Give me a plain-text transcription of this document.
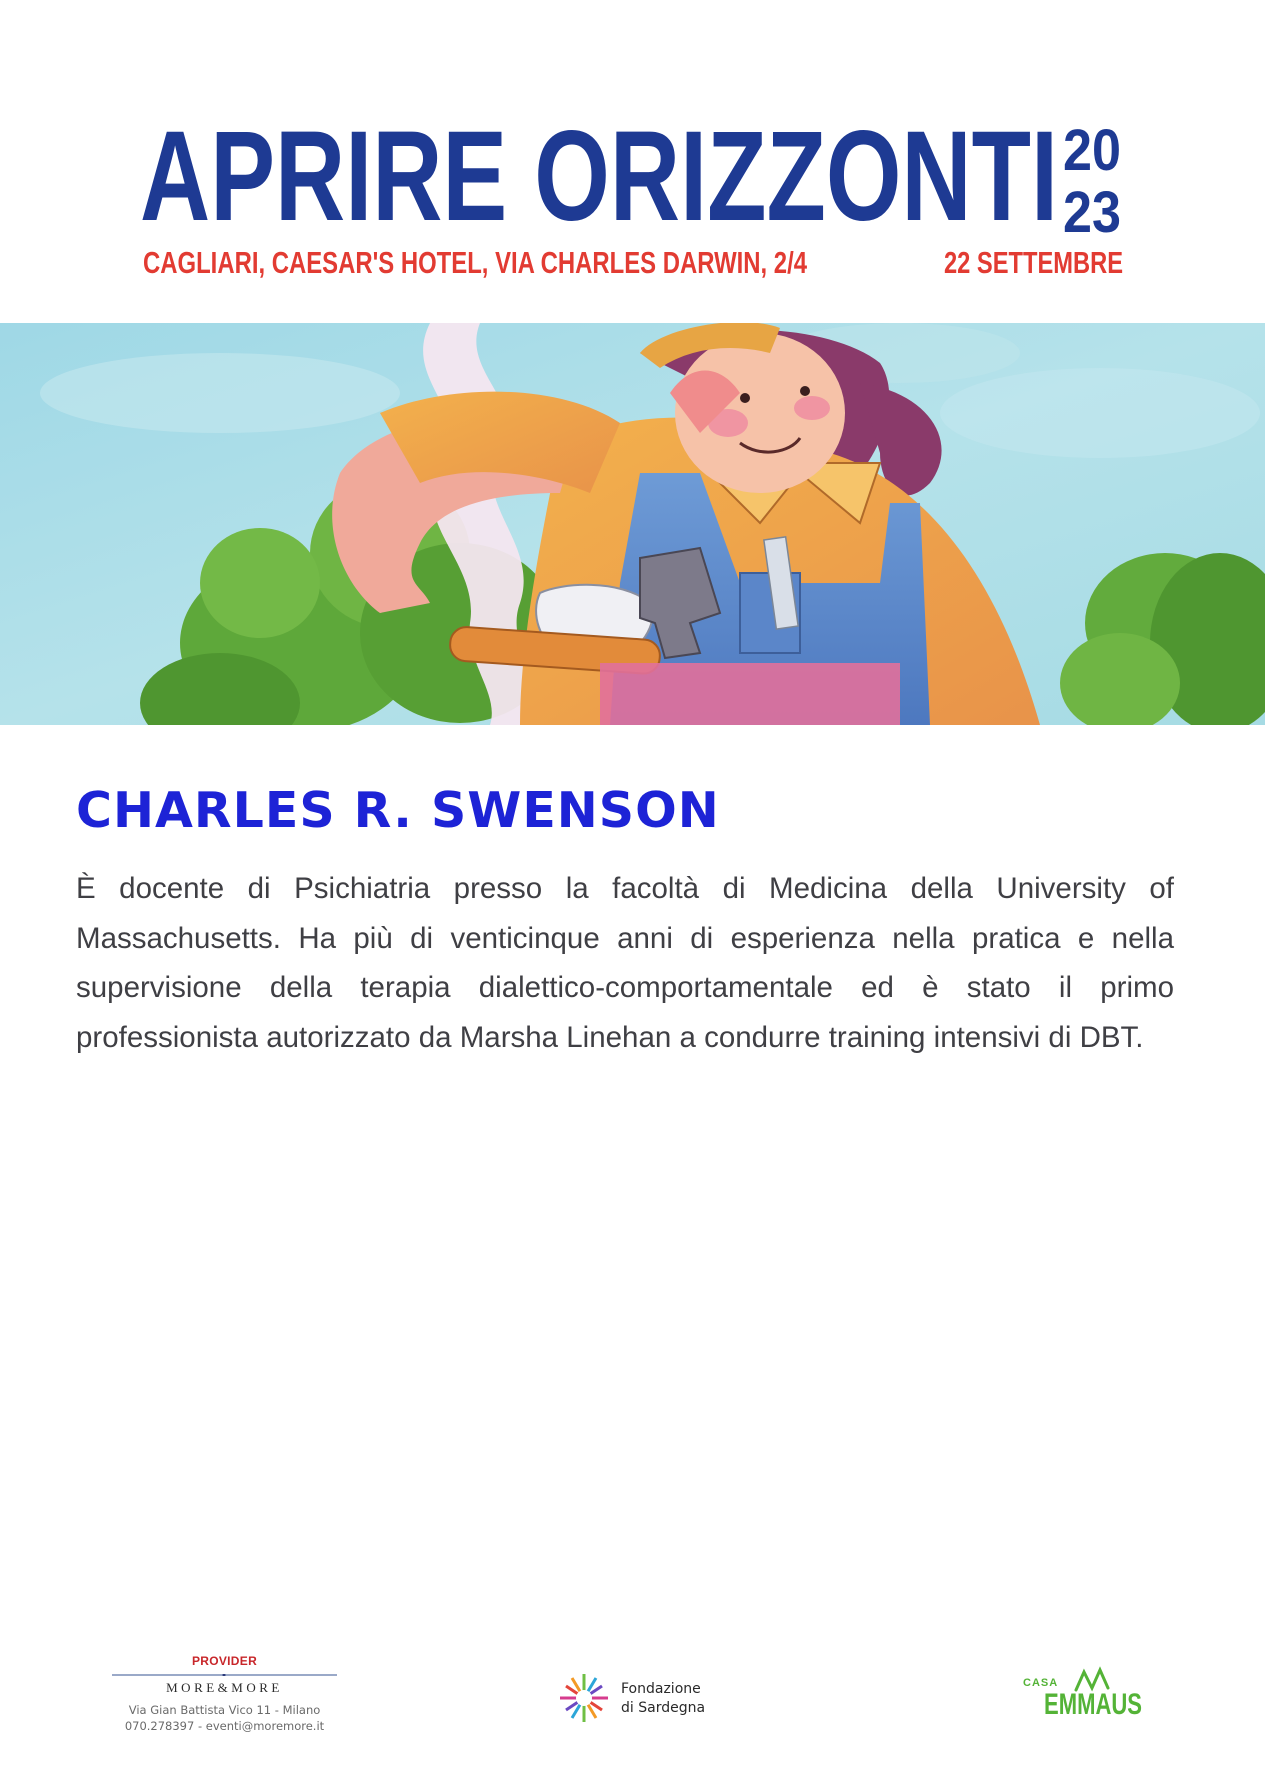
APRIRE ORIZZONTI 20
23
CAGLIARI, CAESAR'S HOTEL, VIA CHARLES DARWIN, 2/4	22 SETTEMBRE
CHARLES R. SWENSON

È docente di Psichiatria presso la facoltà di Medicina della University of Massachusetts. Ha più di venticinque anni di esperienza nella pratica e nella supervisione della terapia dialettico-comportamentale ed è stato il primo professionista autorizzato da Marsha Linehan a condurre training intensivi di DBT.

PROVIDER
MORE&MORE
Via Gian Battista Vico 11 - Milano
070.278397 - eventi@moremore.it
Fondazione
di Sardegna	EMMAUS
CASA
